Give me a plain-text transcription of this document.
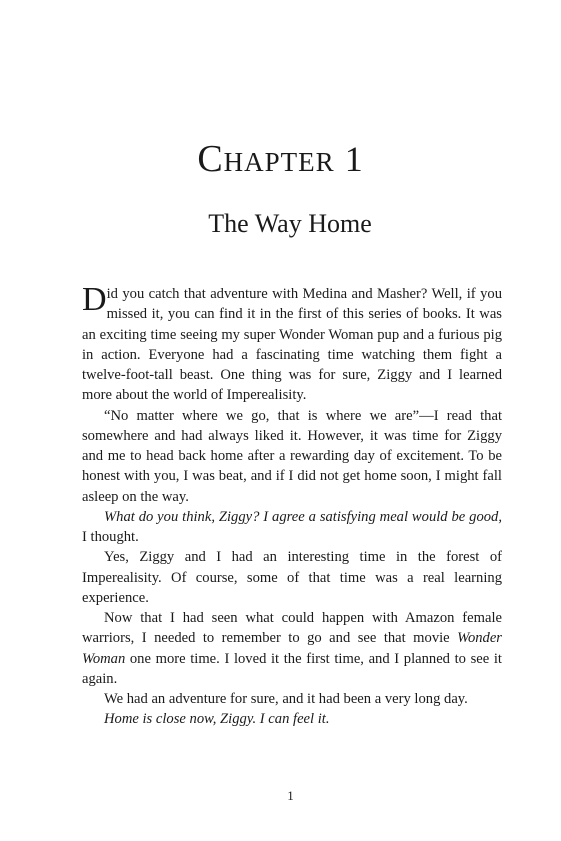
CHAPTER 1
The Way Home

Did you catch that adventure with Medina and Masher? Well, if you missed it, you can find it in the first of this series of books. It was an exciting time seeing my super Wonder Woman pup and a furious pig in action. Everyone had a fascinating time watching them fight a twelve-foot-tall beast. One thing was for sure, Ziggy and I learned more about the world of Imperealisity.

“No matter where we go, that is where we are”—I read that somewhere and had always liked it. However, it was time for Ziggy and me to head back home after a rewarding day of excitement. To be honest with you, I was beat, and if I did not get home soon, I might fall asleep on the way.

What do you think, Ziggy? I agree a satisfying meal would be good, I thought.

Yes, Ziggy and I had an interesting time in the forest of Imperealisity. Of course, some of that time was a real learning experience.

Now that I had seen what could happen with Amazon female warriors, I needed to remember to go and see that movie Wonder Woman one more time. I loved it the first time, and I planned to see it again.

We had an adventure for sure, and it had been a very long day.

Home is close now, Ziggy. I can feel it.

1
